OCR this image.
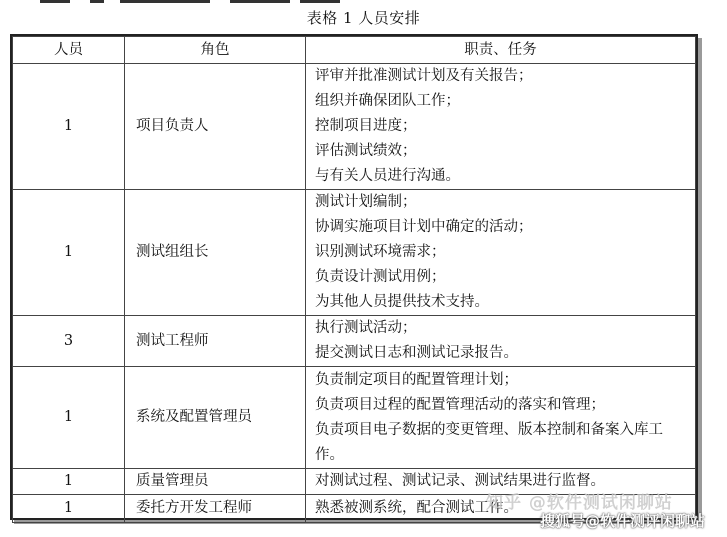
表格 1 人员安排
人员	角色	职责、任务
1	项目负责人	评审并批准测试计划及有关报告；
组织并确保团队工作；
控制项目进度；
评估测试绩效；
与有关人员进行沟通。

1	测试组组长	测试计划编制；
协调实施项目计划中确定的活动；
识别测试环境需求；
负责设计测试用例；
为其他人员提供技术支持。

3	测试工程师	执行测试活动；
提交测试日志和测试记录报告。

1	系统及配置管理员	负责制定项目的配置管理计划；
负责项目过程的配置管理活动的落实和管理；
负责项目电子数据的变更管理、版本控制和备案入库工作。

1	质量管理员	对测试过程、测试记录、测试结果进行监督。

1	委托方开发工程师	熟悉被测系统，配合测试工作。
知乎 @软件测试闲聊站
搜狐号@软件测评闲聊站
